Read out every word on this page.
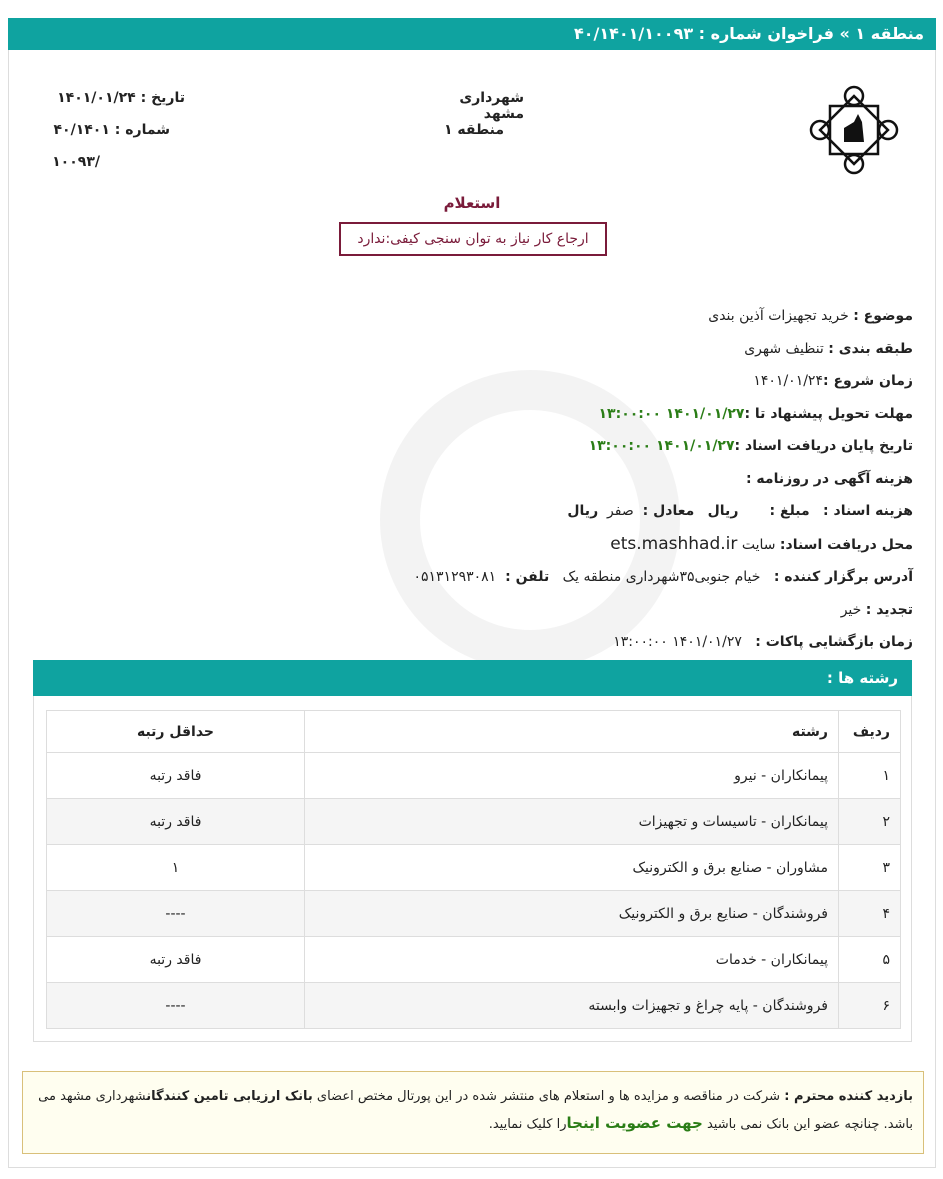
منطقه ۱ » فراخوان شماره : ۴۰/۱۴۰۱/۱۰۰۹۳
شهرداری مشهد
منطقه ۱
تاریخ : ۱۴۰۱/۰۱/۲۴
شماره : ۴۰/۱۴۰۱
/۱۰۰۹۳
استعلام
ارجاع کار نیاز به توان سنجی کیفی:ندارد
موضوع : خرید تجهیزات آذین بندی
طبقه بندی : تنظیف شهری
زمان شروع :۱۴۰۱/۰۱/۲۴
مهلت تحویل پیشنهاد تا :۱۴۰۱/۰۱/۲۷ ۱۳:۰۰:۰۰
تاریخ پایان دریافت اسناد :۱۴۰۱/۰۱/۲۷ ۱۳:۰۰:۰۰
هزینه آگهی در روزنامه :
هزینه اسناد :   مبلغ :       ریال   معادل :  صفر  ریال
محل دریافت اسناد: سایت ets.mashhad.ir
آدرس برگزار کننده :   خیام جنوبی۳۵شهرداری منطقه یک   تلفن :  ۰۵۱۳۱۲۹۳۰۸۱
تجدید : خیر
زمان بازگشایی پاکات :   ۱۴۰۱/۰۱/۲۷ ۱۳:۰۰:۰۰
رشته ها :
ردیف	رشته	حداقل رتبه
۱	پیمانکاران - نیرو	فاقد رتبه
۲	پیمانکاران - تاسیسات و تجهیزات	فاقد رتبه
۳	مشاوران - صنایع برق و الکترونیک	۱
۴	فروشندگان - صنایع برق و الکترونیک	----
۵	پیمانکاران - خدمات	فاقد رتبه
۶	فروشندگان - پایه چراغ و تجهیزات وابسته	----
بازدید کننده محترم : شرکت در مناقصه و مزایده ها و استعلام های منتشر شده در این پورتال مختص اعضای بانک ارزیابی تامین کنندگانشهرداری مشهد می باشد. چنانچه عضو این بانک نمی باشید جهت عضویت اینجارا کلیک نمایید.
